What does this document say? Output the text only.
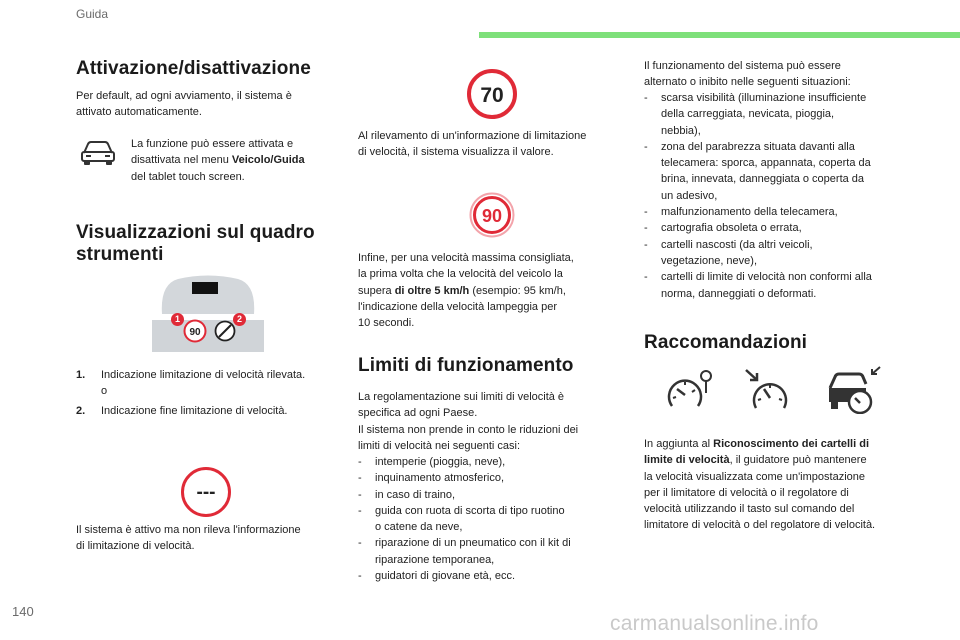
Guida
Attivazione/disattivazione
Per default, ad ogni avviamento, il sistema è
attivato automaticamente.
La funzione può essere attivata e
disattivata nel menu Veicolo/Guida
del tablet touch screen.
Visualizzazioni sul quadro
strumenti
90
1	2
1.	Indicazione limitazione di velocità rilevata.
o
2.	Indicazione fine limitazione di velocità.
---
Il sistema è attivo ma non rileva l'informazione
di limitazione di velocità.
70
Al rilevamento di un'informazione di limitazione
di velocità, il sistema visualizza il valore.
90
Infine, per una velocità massima consigliata,
la prima volta che la velocità del veicolo la
supera di oltre 5 km/h (esempio: 95 km/h,
l'indicazione della velocità lampeggia per
10 secondi.
Limiti di funzionamento
La regolamentazione sui limiti di velocità è
specifica ad ogni Paese.
Il sistema non prende in conto le riduzioni dei
limiti di velocità nei seguenti casi:
-	intemperie (pioggia, neve),
-	inquinamento atmosferico,
-	in caso di traino,
-	guida con ruota di scorta di tipo ruotino
o catene da neve,
-	riparazione di un pneumatico con il kit di
riparazione temporanea,
-	guidatori di giovane età, ecc.
Il funzionamento del sistema può essere
alternato o inibito nelle seguenti situazioni:
-	scarsa visibilità (illuminazione insufficiente
della carreggiata, nevicata, pioggia,
nebbia),
-	zona del parabrezza situata davanti alla
telecamera: sporca, appannata, coperta da
brina, innevata, danneggiata o coperta da
un adesivo,
-	malfunzionamento della telecamera,
-	cartografia obsoleta o errata,
-	cartelli nascosti (da altri veicoli,
vegetazione, neve),
-	cartelli di limite di velocità non conformi alla
norma, danneggiati o deformati.
Raccomandazioni
In aggiunta al Riconoscimento dei cartelli di
limite di velocità, il guidatore può mantenere
la velocità visualizzata come un'impostazione
per il limitatore di velocità o il regolatore di
velocità utilizzando il tasto sul comando del
limitatore di velocità o del regolatore di velocità.
140
carmanualsonline.info
